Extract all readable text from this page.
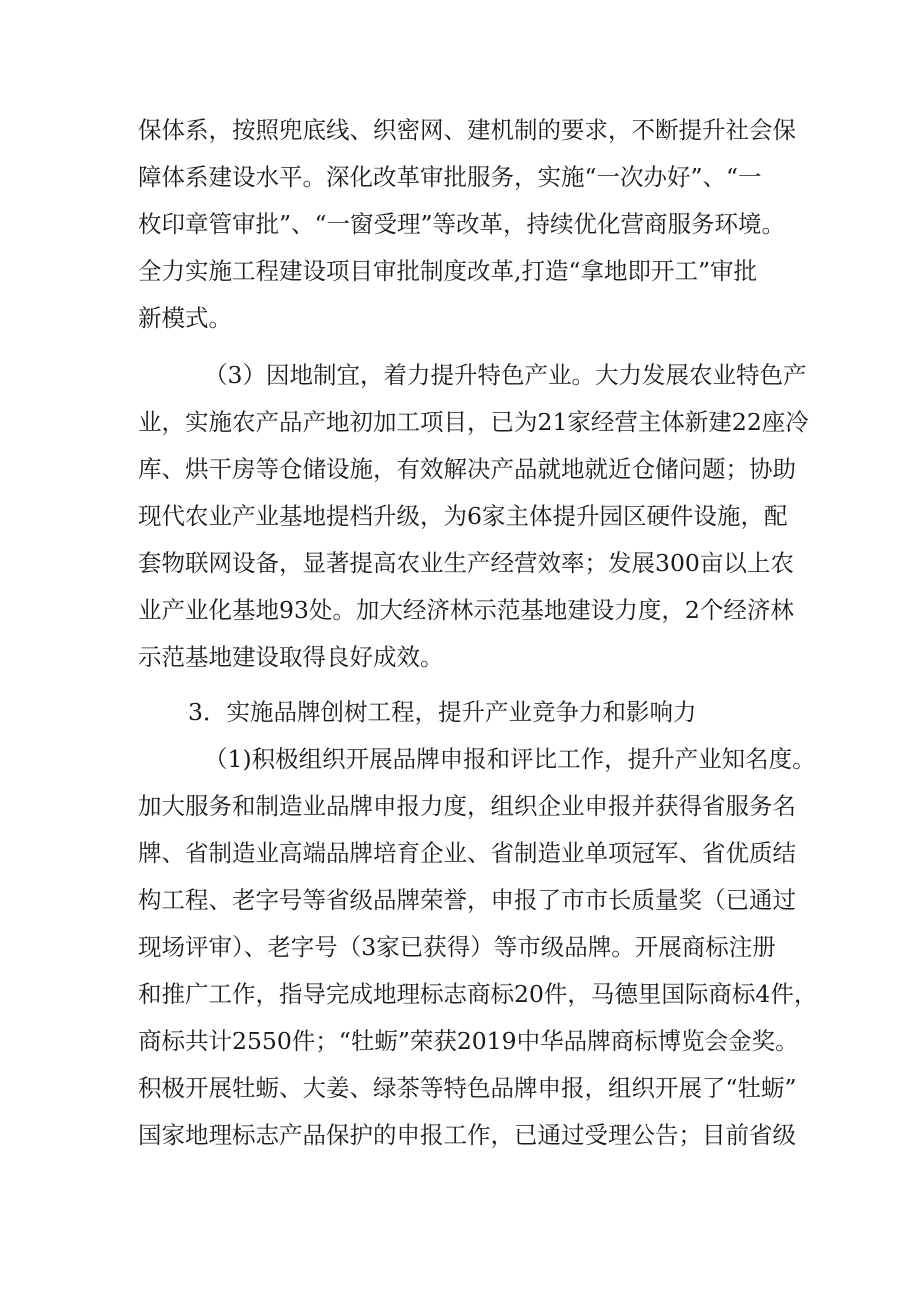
保体系，按照兜底线、织密网、建机制的要求，不断提升社会保
障体系建设水平。深化改革审批服务，实施“一次办好”、“一
枚印章管审批”、“一窗受理”等改革，持续优化营商服务环境。
全力实施工程建设项目审批制度改革,打造“拿地即开工”审批
新模式。
（3）因地制宜，着力提升特色产业。大力发展农业特色产
业，实施农产品产地初加工项目，已为21家经营主体新建22座冷
库、烘干房等仓储设施，有效解决产品就地就近仓储问题；协助
现代农业产业基地提档升级，为6家主体提升园区硬件设施，配
套物联网设备，显著提高农业生产经营效率；发展300亩以上农
业产业化基地93处。加大经济林示范基地建设力度，2个经济林
示范基地建设取得良好成效。
3．实施品牌创树工程，提升产业竞争力和影响力
（1)积极组织开展品牌申报和评比工作，提升产业知名度。
加大服务和制造业品牌申报力度，组织企业申报并获得省服务名
牌、省制造业高端品牌培育企业、省制造业单项冠军、省优质结
构工程、老字号等省级品牌荣誉，申报了市市长质量奖（已通过
现场评审）、老字号（3家已获得）等市级品牌。开展商标注册
和推广工作，指导完成地理标志商标20件，马德里国际商标4件，
商标共计2550件；“牡蛎”荣获2019中华品牌商标博览会金奖。
积极开展牡蛎、大姜、绿茶等特色品牌申报，组织开展了“牡蛎”
国家地理标志产品保护的申报工作，已通过受理公告；目前省级
